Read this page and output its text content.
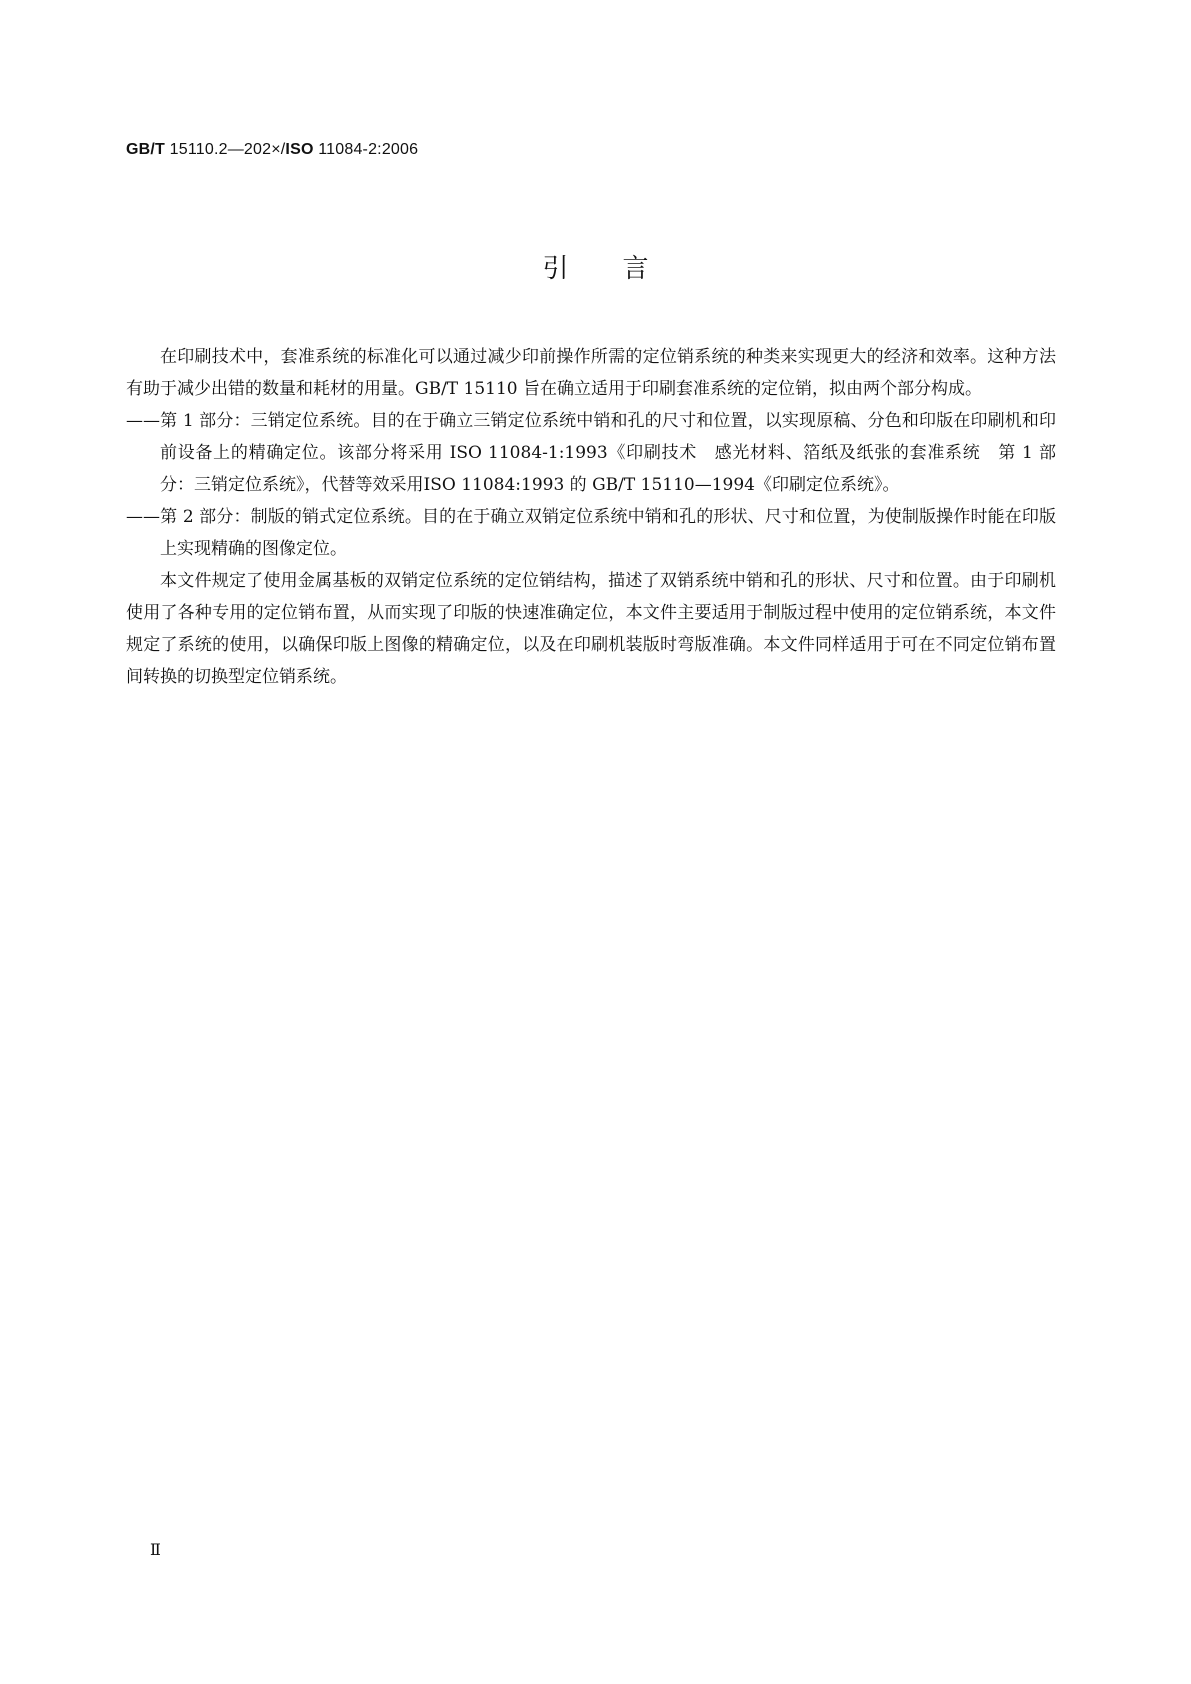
GB/T 15110.2—202×/ISO 11084-2:2006
引言

在印刷技术中，套准系统的标准化可以通过减少印前操作所需的定位销系统的种类来实现更大的经济和效率。这种方法有助于减少出错的数量和耗材的用量。GB/T 15110 旨在确立适用于印刷套准系统的定位销，拟由两个部分构成。

——第 1 部分：三销定位系统。目的在于确立三销定位系统中销和孔的尺寸和位置，以实现原稿、分色和印版在印刷机和印前设备上的精确定位。该部分将采用 ISO 11084-1:1993《印刷技术　感光材料、箔纸及纸张的套准系统　第 1 部分：三销定位系统》，代替等效采用ISO 11084:1993 的 GB/T 15110—1994《印刷定位系统》。

——第 2 部分：制版的销式定位系统。目的在于确立双销定位系统中销和孔的形状、尺寸和位置，为使制版操作时能在印版上实现精确的图像定位。

本文件规定了使用金属基板的双销定位系统的定位销结构，描述了双销系统中销和孔的形状、尺寸和位置。由于印刷机使用了各种专用的定位销布置，从而实现了印版的快速准确定位，本文件主要适用于制版过程中使用的定位销系统，本文件规定了系统的使用，以确保印版上图像的精确定位，以及在印刷机装版时弯版准确。本文件同样适用于可在不同定位销布置间转换的切换型定位销系统。

Ⅱ
